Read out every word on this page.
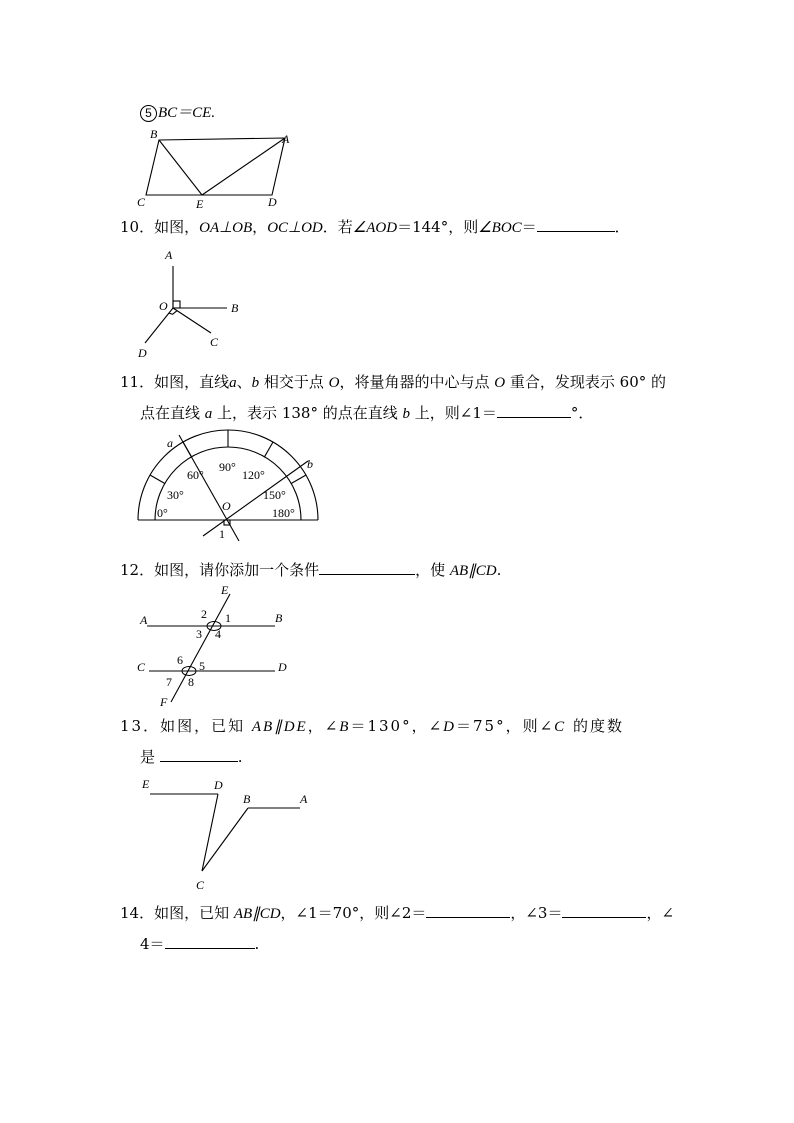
5 BC＝CE.
B	A
C	E	D
10．如图，OA⊥OB，OC⊥OD．若∠AOD＝144°，则∠BOC＝	．
A
O	B
C
D
11．如图，直线a、b 相交于点 O，将量角器的中心与点 O 重合，发现表示 60° 的
点在直线 a 上，表示 138° 的点在直线 b 上，则∠1＝	°．
a
b
O
1
0°
30°
60°
90°
120°
150°
180°
12．如图，请你添加一个条件	，使 AB∥CD.
E
A	B
C	D
F
1
2
3 4
5
6
7 8
13．如图，已知 AB∥DE，∠B＝130°，∠D＝75°，则∠C 的度数
是	.
E	D
B	A
C
14．如图，已知 AB∥CD，∠1＝70°，则∠2＝	，∠3＝	，∠
4＝	.
